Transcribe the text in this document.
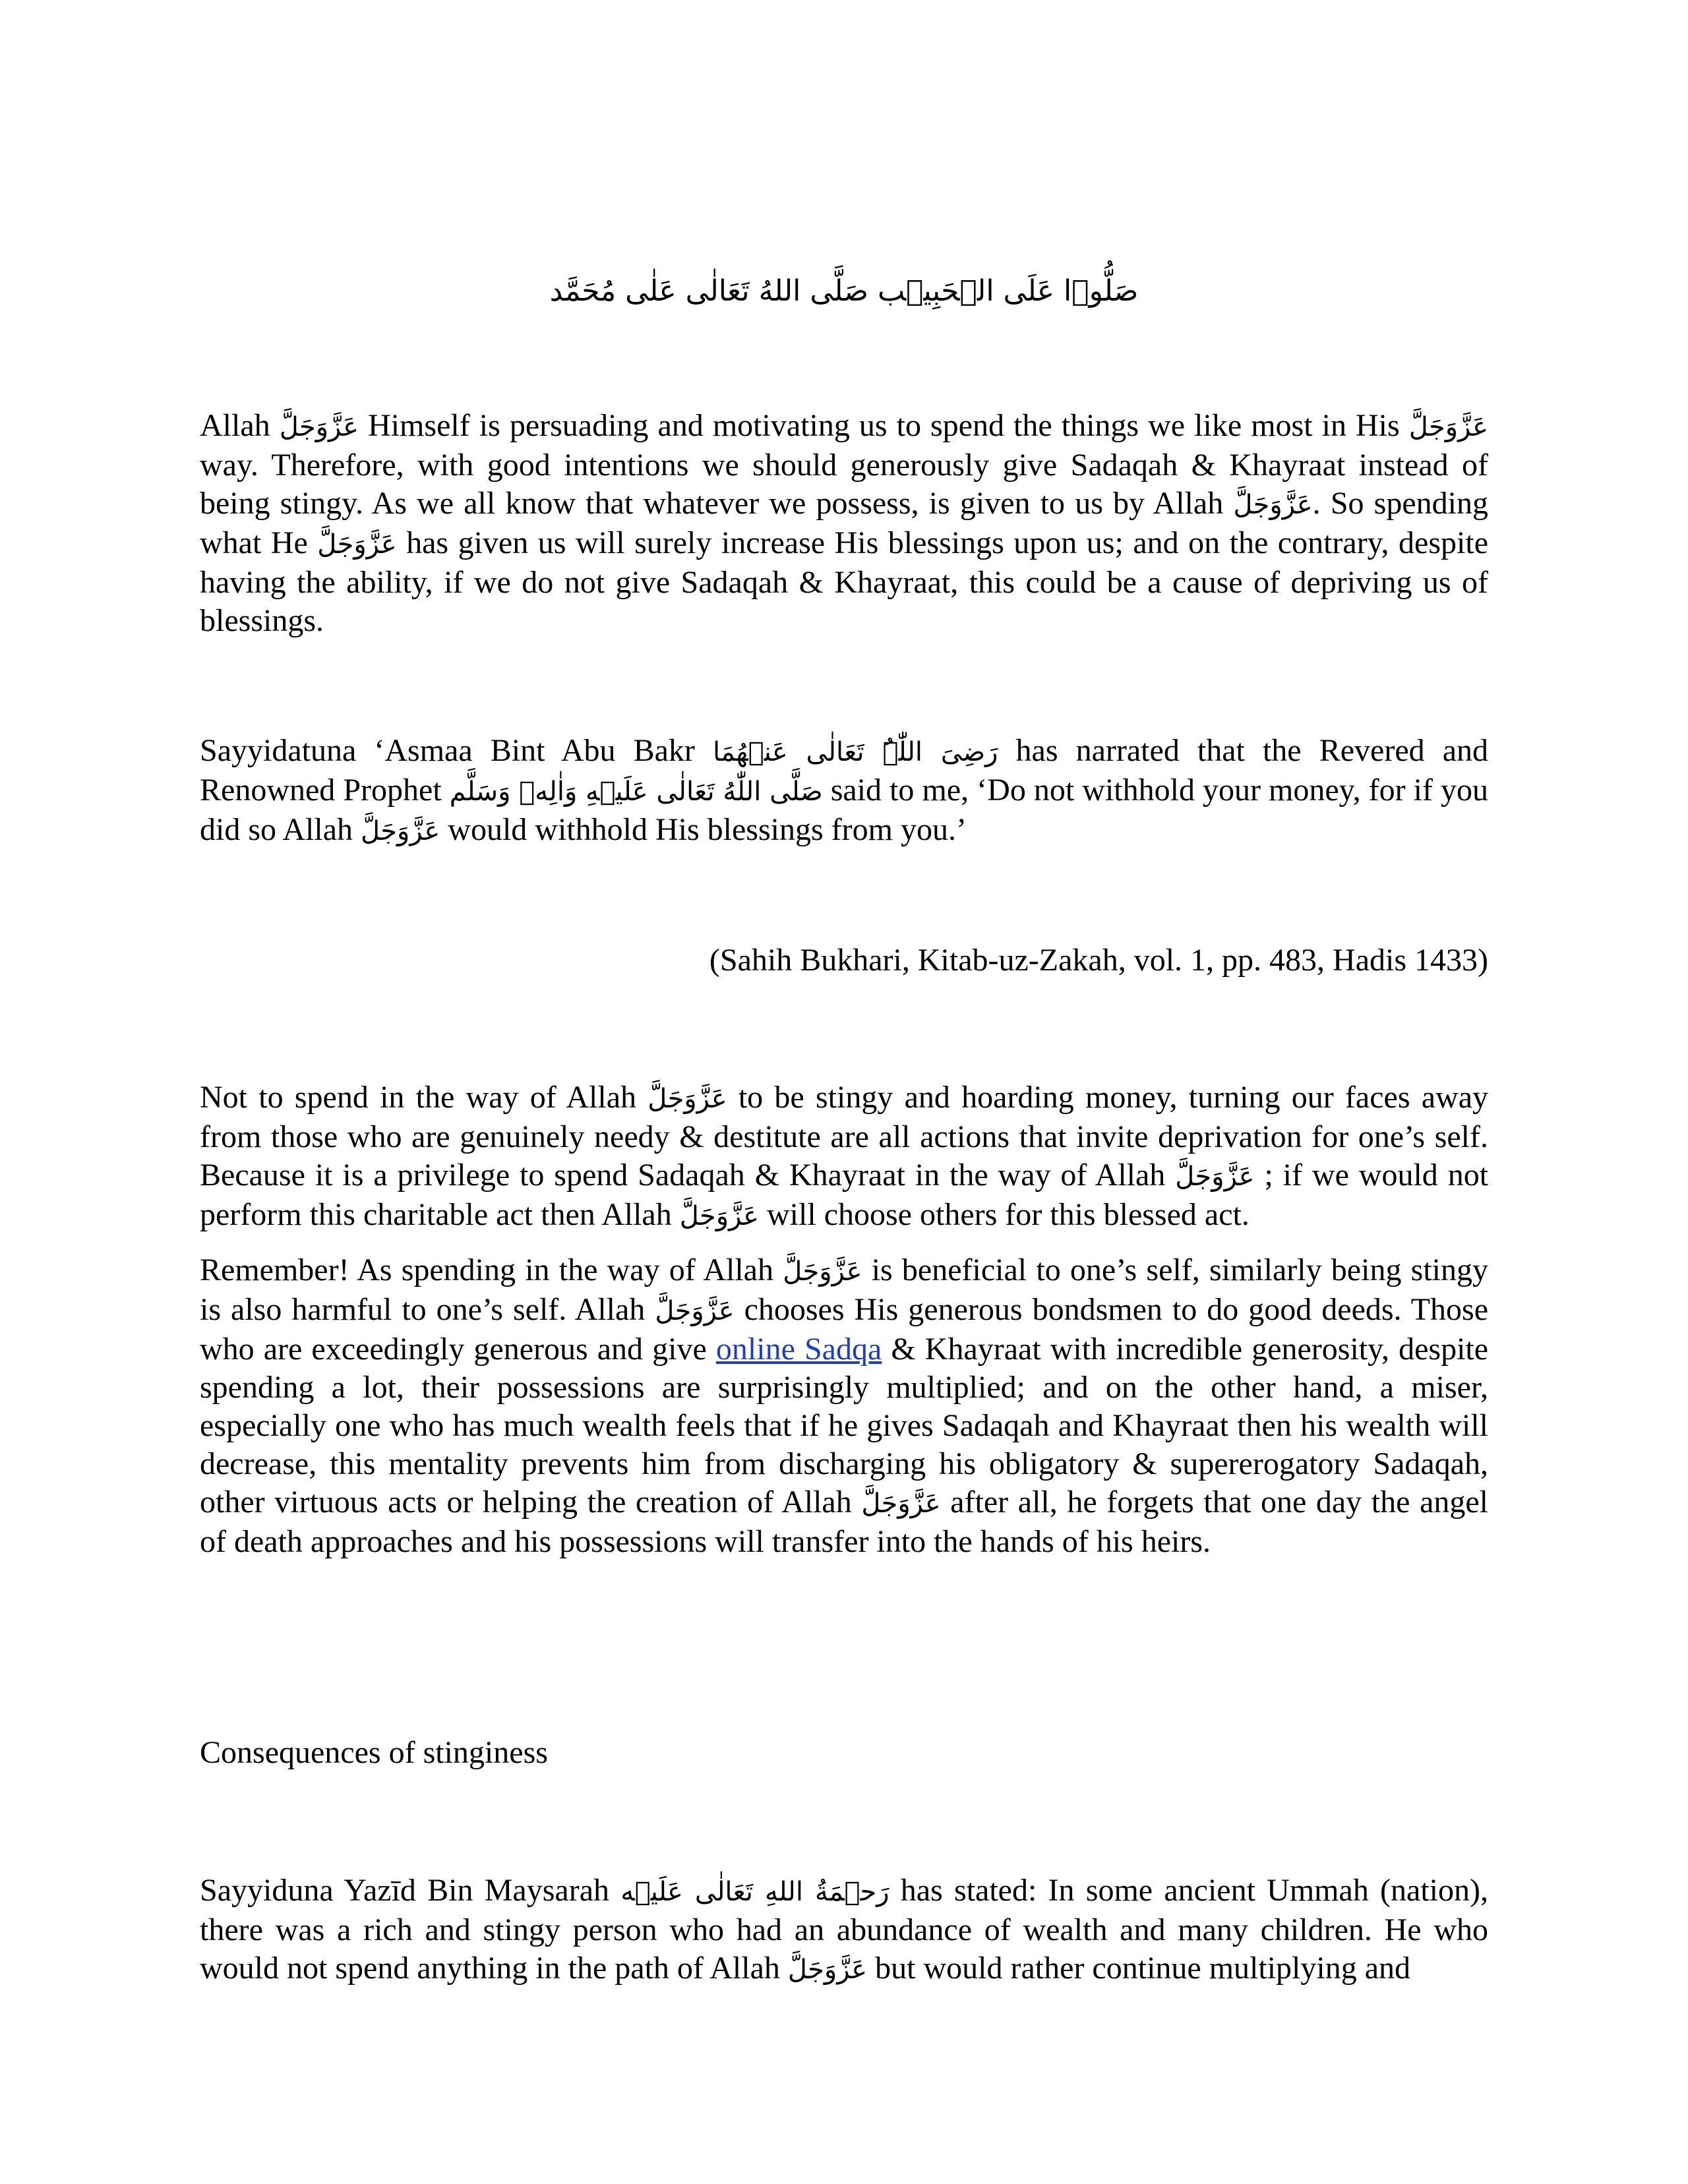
صَلُّوۡا عَلَی الۡحَبِیۡب صَلَّی اللهُ تَعَالٰی عَلٰی مُحَمَّد

Allah عَزَّوَجَلَّ Himself is persuading and motivating us to spend the things we like most in His عَزَّوَجَلَّ way. Therefore, with good intentions we should generously give Sadaqah & Khayraat instead of being stingy. As we all know that whatever we possess, is given to us by Allah عَزَّوَجَلَّ. So spending what He عَزَّوَجَلَّ has given us will surely increase His blessings upon us; and on the contrary, despite having the ability, if we do not give Sadaqah & Khayraat, this could be a cause of depriving us of blessings.

Sayyidatuna ‘Asmaa Bint Abu Bakr رَضِیَ اللّٰہُ تَعَالٰی عَنۡهُمَا has narrated that the Revered and Renowned Prophet صَلَّی اللّٰهُ تَعَالٰی عَلَيۡهِ وَاٰلِهٖ وَسَلَّم said to me, ‘Do not withhold your money, for if you did so Allah عَزَّوَجَلَّ would withhold His blessings from you.’

(Sahih Bukhari, Kitab-uz-Zakah, vol. 1, pp. 483, Hadis 1433)

Not to spend in the way of Allah عَزَّوَجَلَّ to be stingy and hoarding money, turning our faces away from those who are genuinely needy & destitute are all actions that invite deprivation for one’s self. Because it is a privilege to spend Sadaqah & Khayraat in the way of Allah عَزَّوَجَلَّ ; if we would not perform this charitable act then Allah عَزَّوَجَلَّ will choose others for this blessed act.

Remember! As spending in the way of Allah عَزَّوَجَلَّ is beneficial to one’s self, similarly being stingy is also harmful to one’s self. Allah عَزَّوَجَلَّ chooses His generous bondsmen to do good deeds. Those who are exceedingly generous and give online Sadqa & Khayraat with incredible generosity, despite spending a lot, their possessions are surprisingly multiplied; and on the other hand, a miser, especially one who has much wealth feels that if he gives Sadaqah and Khayraat then his wealth will decrease, this mentality prevents him from discharging his obligatory & supererogatory Sadaqah, other virtuous acts or helping the creation of Allah عَزَّوَجَلَّ after all, he forgets that one day the angel of death approaches and his possessions will transfer into the hands of his heirs.

Consequences of stinginess

Sayyiduna Yazīd Bin Maysarah رَحۡمَةُ اللهِ تَعَالٰی عَلَيۡه has stated: In some ancient Ummah (nation), there was a rich and stingy person who had an abundance of wealth and many children. He who would not spend anything in the path of Allah عَزَّوَجَلَّ but would rather continue multiplying and
